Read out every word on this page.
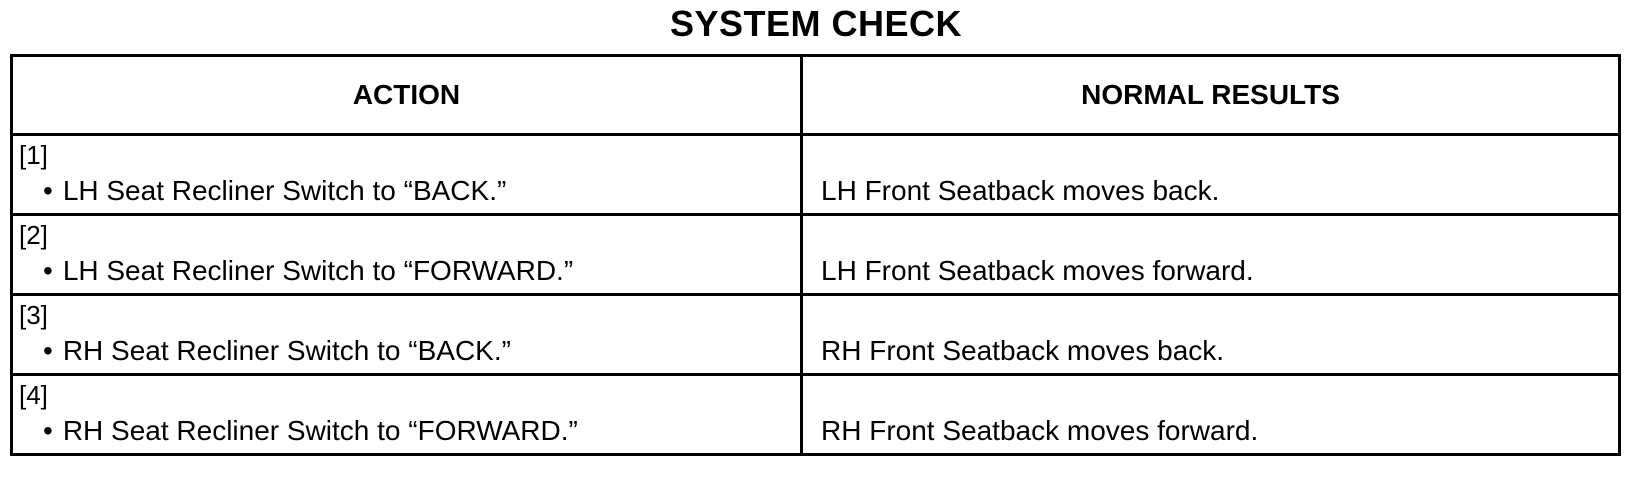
SYSTEM CHECK
ACTION	NORMAL RESULTS

[1]
• LH Seat Recliner Switch to “BACK.”	LH Front Seatback moves back.

[2]
• LH Seat Recliner Switch to “FORWARD.”	LH Front Seatback moves forward.

[3]
• RH Seat Recliner Switch to “BACK.”	RH Front Seatback moves back.

[4]
• RH Seat Recliner Switch to “FORWARD.”	RH Front Seatback moves forward.
